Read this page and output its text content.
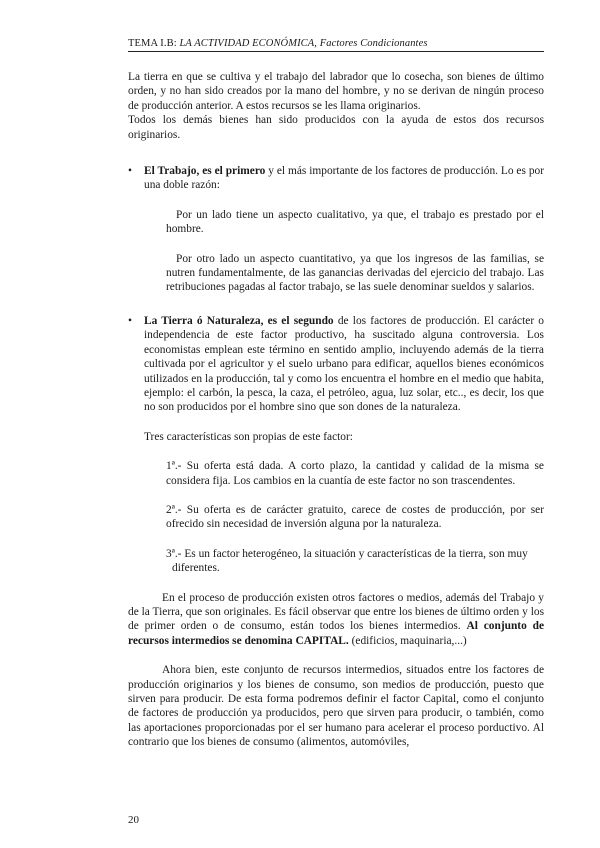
TEMA I.B: LA ACTIVIDAD ECONÓMICA, Factores Condicionantes

La tierra en que se cultiva y el trabajo del labrador que lo cosecha, son bienes de último orden, y no han sido creados por la mano del hombre, y no se derivan de ningún proceso de producción anterior. A estos recursos se les llama originarios.

Todos los demás bienes han sido producidos con la ayuda de estos dos recursos originarios.

• El Trabajo, es el primero y el más importante de los factores de producción. Lo es por una doble razón:

Por un lado tiene un aspecto cualitativo, ya que, el trabajo es prestado por el hombre.

Por otro lado un aspecto cuantitativo, ya que los ingresos de las familias, se nutren fundamentalmente, de las ganancias derivadas del ejercicio del trabajo. Las retribuciones pagadas al factor trabajo, se las suele denominar sueldos y salarios.

• La Tierra ó Naturaleza, es el segundo de los factores de producción. El carácter o independencia de este factor productivo, ha suscitado alguna controversia. Los economistas emplean este término en sentido amplio, incluyendo además de la tierra cultivada por el agricultor y el suelo urbano para edificar, aquellos bienes económicos utilizados en la producción, tal y como los encuentra el hombre en el medio que habita, ejemplo: el carbón, la pesca, la caza, el petróleo, agua, luz solar, etc.., es decir, los que no son producidos por el hombre sino que son dones de la naturaleza.

Tres características son propias de este factor:

1ª.- Su oferta está dada. A corto plazo, la cantidad y calidad de la misma se considera fija. Los cambios en la cuantía de este factor no son trascendentes.

2ª.- Su oferta es de carácter gratuito, carece de costes de producción, por ser ofrecido sin necesidad de inversión alguna por la naturaleza.

3ª.- Es un factor heterogéneo, la situación y características de la tierra, son muy
diferentes.

En el proceso de producción existen otros factores o medios, además del Trabajo y de la Tierra, que son originales. Es fácil observar que entre los bienes de último orden y los de primer orden o de consumo, están todos los bienes intermedios. Al conjunto de recursos intermedios se denomina CAPITAL. (edificios, maquinaria,...)

Ahora bien, este conjunto de recursos intermedios, situados entre los factores de producción originarios y los bienes de consumo, son medios de producción, puesto que sirven para producir. De esta forma podremos definir el factor Capital, como el conjunto de factores de producción ya producidos, pero que sirven para producir, o también, como las aportaciones proporcionadas por el ser humano para acelerar el proceso porductivo. Al contrario que los bienes de consumo (alimentos, automóviles,

20
